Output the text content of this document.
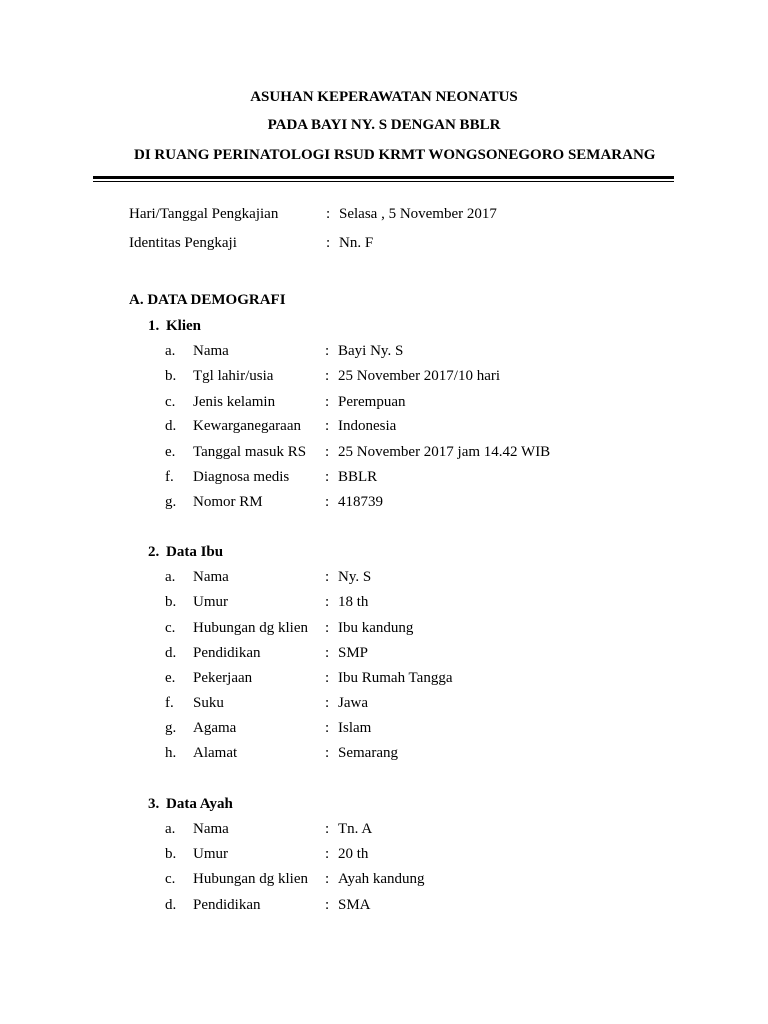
ASUHAN KEPERAWATAN NEONATUS
PADA BAYI NY. S DENGAN BBLR
DI RUANG PERINATOLOGI RSUD KRMT WONGSONEGORO SEMARANG
Hari/Tanggal Pengkajian	: Selasa , 5 November 2017
Identitas Pengkaji	: Nn. F
A. DATA DEMOGRAFI
1. Klien
a. Nama	: Bayi Ny. S
b. Tgl lahir/usia	: 25 November 2017/10 hari
c. Jenis kelamin	: Perempuan
d. Kewarganegaraan : Indonesia
e. Tanggal masuk RS : 25 November 2017 jam 14.42 WIB
f. Diagnosa medis : BBLR
g. Nomor RM	: 418739
2. Data Ibu
a. Nama	: Ny. S
b. Umur	: 18 th
c. Hubungan dg klien : Ibu kandung
d. Pendidikan	: SMP
e. Pekerjaan	: Ibu Rumah Tangga
f. Suku	: Jawa
g. Agama	: Islam
h. Alamat	: Semarang
3. Data Ayah
a. Nama	: Tn. A
b. Umur	: 20 th
c. Hubungan dg klien : Ayah kandung
d. Pendidikan	: SMA
